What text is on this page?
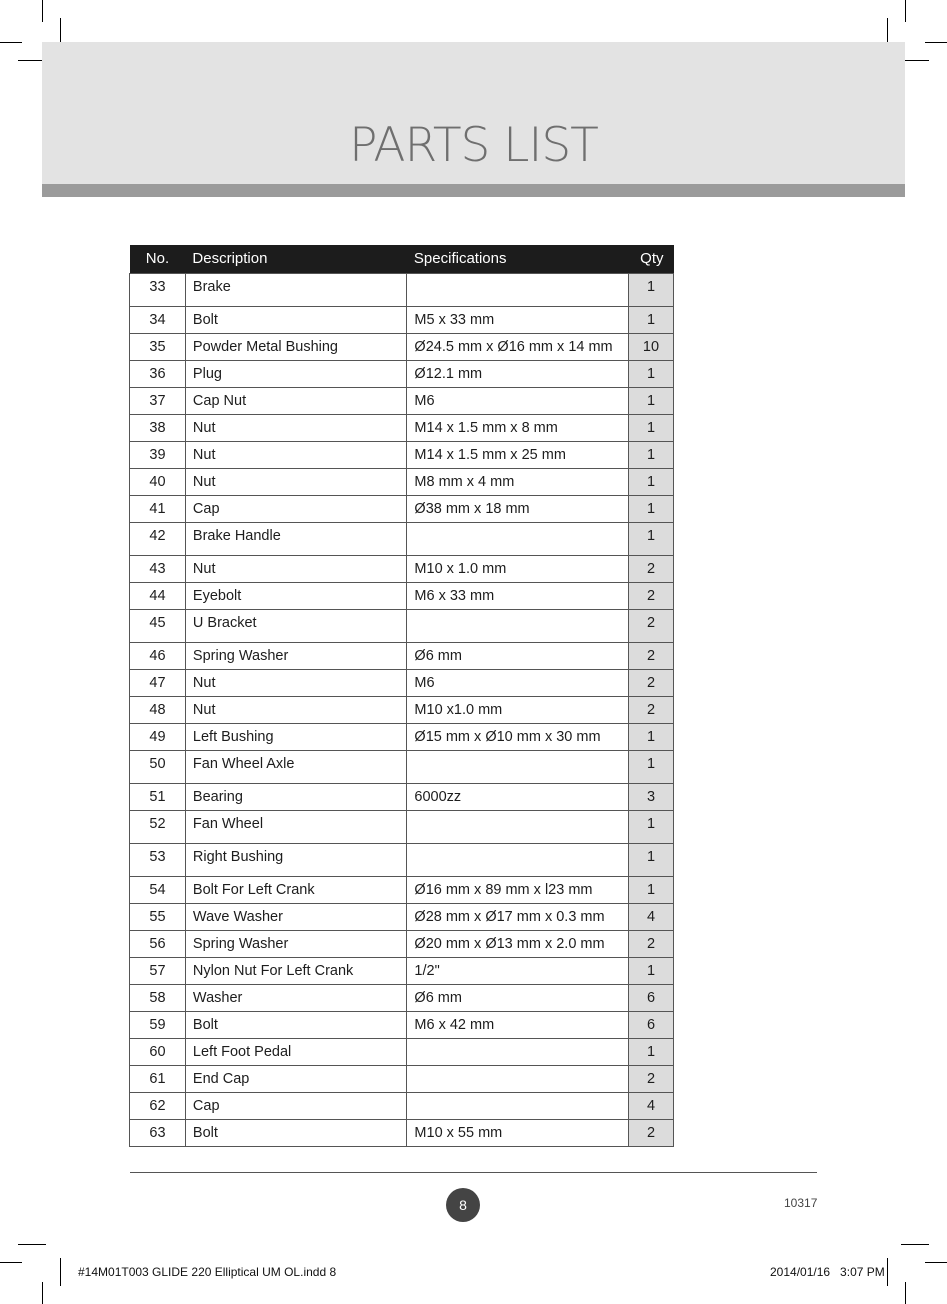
PARTS LIST
No.	Description	Specifications	Qty
33	Brake		1
34	Bolt	M5 x 33 mm	1
35	Powder Metal Bushing	Ø24.5 mm x Ø16 mm x 14 mm	10
36	Plug	Ø12.1 mm	1
37	Cap Nut	M6	1
38	Nut	M14 x 1.5 mm x 8 mm	1
39	Nut	M14 x 1.5 mm x 25 mm	1
40	Nut	M8 mm x 4 mm	1
41	Cap	Ø38 mm x 18 mm	1
42	Brake Handle		1
43	Nut	M10 x 1.0 mm	2
44	Eyebolt	M6 x 33 mm	2
45	U Bracket		2
46	Spring Washer	Ø6 mm	2
47	Nut	M6	2
48	Nut	M10 x1.0 mm	2
49	Left Bushing	Ø15 mm x Ø10 mm x 30 mm	1
50	Fan Wheel Axle		1
51	Bearing	6000zz	3
52	Fan Wheel		1
53	Right Bushing		1
54	Bolt For Left Crank	Ø16 mm x 89 mm x l23 mm	1
55	Wave Washer	Ø28 mm x Ø17 mm x 0.3 mm	4
56	Spring Washer	Ø20 mm x Ø13 mm x 2.0 mm	2
57	Nylon Nut For Left Crank	1/2"	1
58	Washer	Ø6 mm	6
59	Bolt	M6 x 42 mm	6
60	Left Foot Pedal		1
61	End Cap		2
62	Cap		4
63	Bolt	M10 x 55 mm	2
8	10317
#14M01T003 GLIDE 220 Elliptical UM OL.indd 8	2014/01/16   3:07 PM
